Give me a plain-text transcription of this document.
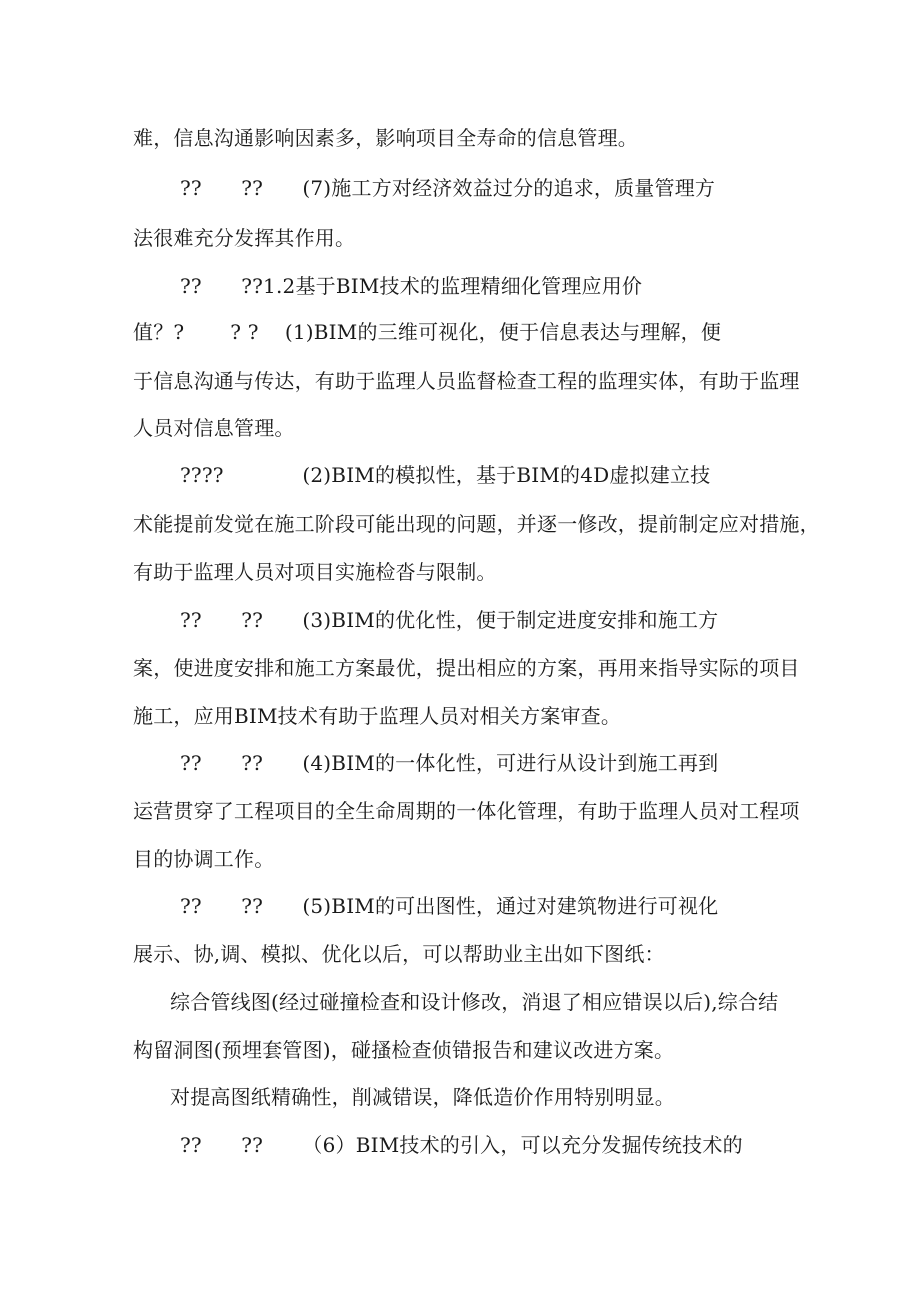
难，信息沟通影响因素多，影响项目全寿命的信息管理。
??      ??      (7)施工方对经济效益过分的追求，质量管理方
法很难充分发挥其作用。
??      ??1.2基于BIM技术的监理精细化管理应用价
值？?       ? ?    (1)BIM的三维可视化，便于信息表达与理解，便
于信息沟通与传达，有助于监理人员监督检查工程的监理实体，有助于监理
人员对信息管理。
????            (2)BIM的模拟性，基于BIM的4D虚拟建立技
术能提前发觉在施工阶段可能出现的问题，并逐一修改，提前制定应对措施，
有助于监理人员对项目实施检沓与限制。
??      ??      (3)BIM的优化性，便于制定进度安排和施工方
案，使进度安排和施工方案最优，提出相应的方案，再用来指导实际的项目
施工，应用BIM技术有助于监理人员对相关方案审查。
??      ??      (4)BIM的一体化性，可进行从设计到施工再到
运营贯穿了工程项目的全生命周期的一体化管理，有助于监理人员对工程项
目的协调工作。
??      ??      (5)BIM的可出图性，通过对建筑物进行可视化
展示、协,调、模拟、优化以后，可以帮助业主出如下图纸：
综合管线图(经过碰撞检查和设计修改，消退了相应错误以后),综合结
构留洞图(预埋套管图)，碰搔检查侦错报告和建议改进方案。
对提高图纸精确性，削减错误，降低造价作用特别明显。
??      ??      （6）BIM技术的引入，可以充分发掘传统技术的
